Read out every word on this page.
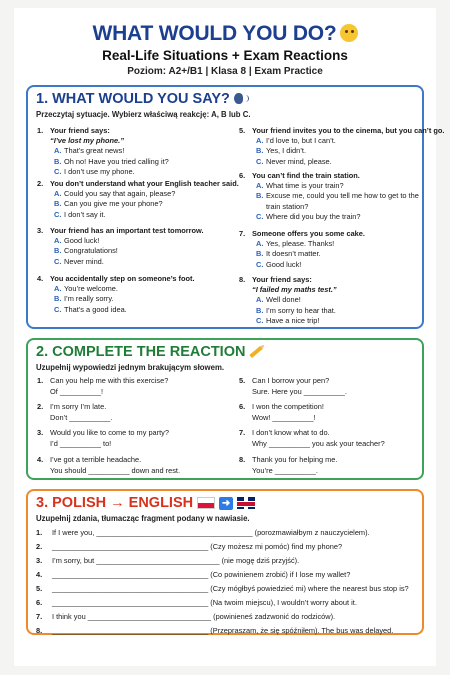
WHAT WOULD YOU DO?
Real-Life Situations + Exam Reactions
Poziom: A2+/B1 | Klasa 8 | Exam Practice
1. WHAT WOULD YOU SAY?
Przeczytaj sytuacje. Wybierz właściwą reakcję: A, B lub C.
1. Your friend says:
“I’ve lost my phone.”
A. That’s great news!
B. Oh no! Have you tried calling it?
C. I don’t use my phone.
2. You don’t understand what your English teacher said.
A. Could you say that again, please?
B. Can you give me your phone?
C. I don’t say it.
3. Your friend has an important test tomorrow.
A. Good luck!
B. Congratulations!
C. Never mind.
4. You accidentally step on someone’s foot.
A. You’re welcome.
B. I’m really sorry.
C. That’s a good idea.
5. Your friend invites you to the cinema, but you can’t go.
A. I’d love to, but I can’t.
B. Yes, I didn’t.
C. Never mind, please.
6. You can’t find the train station.
A. What time is your train?
B. Excuse me, could you tell me how to get to the train station?
C. Where did you buy the train?
7. Someone offers you some cake.
A. Yes, please. Thanks!
B. It doesn’t matter.
C. Good luck!
8. Your friend says:
“I failed my maths test.”
A. Well done!
B. I’m sorry to hear that.
C. Have a nice trip!
2. COMPLETE THE REACTION
Uzupełnij wypowiedzi jednym brakującym słowem.
1. Can you help me with this exercise?
Of __________!
2. I’m sorry I’m late.
Don’t __________.
3. Would you like to come to my party?
I’d __________ to!
4. I’ve got a terrible headache.
You should __________ down and rest.
5. Can I borrow your pen?
Sure. Here you __________.
6. I won the competition!
Wow! __________!
7. I don’t know what to do.
Why __________ you ask your teacher?
8. Thank you for helping me.
You’re __________.
3. POLISH → ENGLISH	➜
Uzupełnij zdania, tłumacząc fragment podany w nawiasie.
1. If I were you, ______________________________________ (porozmawiałbym z nauczycielem).
2. ______________________________________ (Czy możesz mi pomóc) find my phone?
3. I’m sorry, but ______________________________ (nie mogę dziś przyjść).
4. ______________________________________ (Co powinienem zrobić) if I lose my wallet?
5. ______________________________________ (Czy mógłbyś powiedzieć mi) where the nearest bus stop is?
6. ______________________________________ (Na twoim miejscu), I wouldn’t worry about it.
7. I think you ______________________________ (powinieneś zadzwonić do rodziców).
8. ______________________________________ (Przepraszam, że się spóźniłem). The bus was delayed.
